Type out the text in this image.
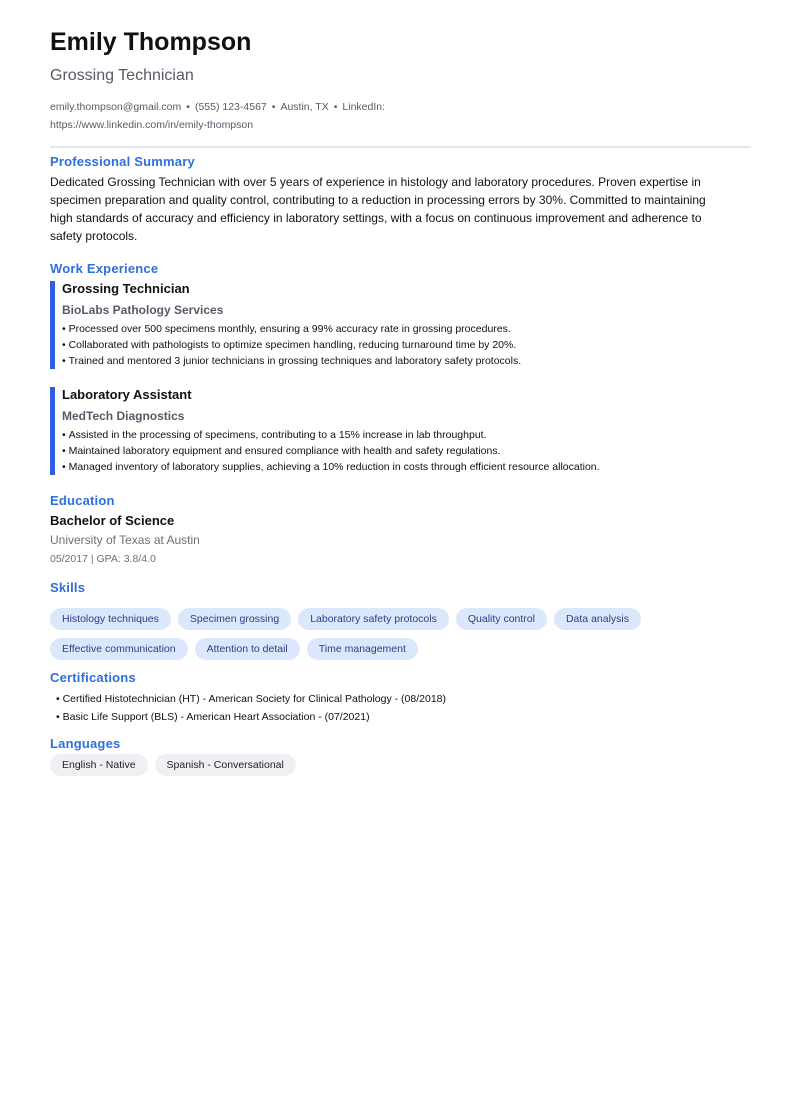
Emily Thompson
Grossing Technician
emily.thompson@gmail.com • (555) 123-4567 • Austin, TX • LinkedIn:
https://www.linkedin.com/in/emily-thompson
Professional Summary
Dedicated Grossing Technician with over 5 years of experience in histology and laboratory procedures. Proven expertise in specimen preparation and quality control, contributing to a reduction in processing errors by 30%. Committed to maintaining high standards of accuracy and efficiency in laboratory settings, with a focus on continuous improvement and adherence to safety protocols.
Work Experience
Grossing Technician
BioLabs Pathology Services
• Processed over 500 specimens monthly, ensuring a 99% accuracy rate in grossing procedures.
• Collaborated with pathologists to optimize specimen handling, reducing turnaround time by 20%.
• Trained and mentored 3 junior technicians in grossing techniques and laboratory safety protocols.
Laboratory Assistant
MedTech Diagnostics
• Assisted in the processing of specimens, contributing to a 15% increase in lab throughput.
• Maintained laboratory equipment and ensured compliance with health and safety regulations.
• Managed inventory of laboratory supplies, achieving a 10% reduction in costs through efficient resource allocation.
Education
Bachelor of Science
University of Texas at Austin
05/2017 | GPA: 3.8/4.0
Skills
Histology techniques	Specimen grossing	Laboratory safety protocols	Quality control	Data analysis
Effective communication	Attention to detail	Time management
Certifications
• Certified Histotechnician (HT) - American Society for Clinical Pathology - (08/2018)
• Basic Life Support (BLS) - American Heart Association - (07/2021)
Languages
English - Native	Spanish - Conversational
